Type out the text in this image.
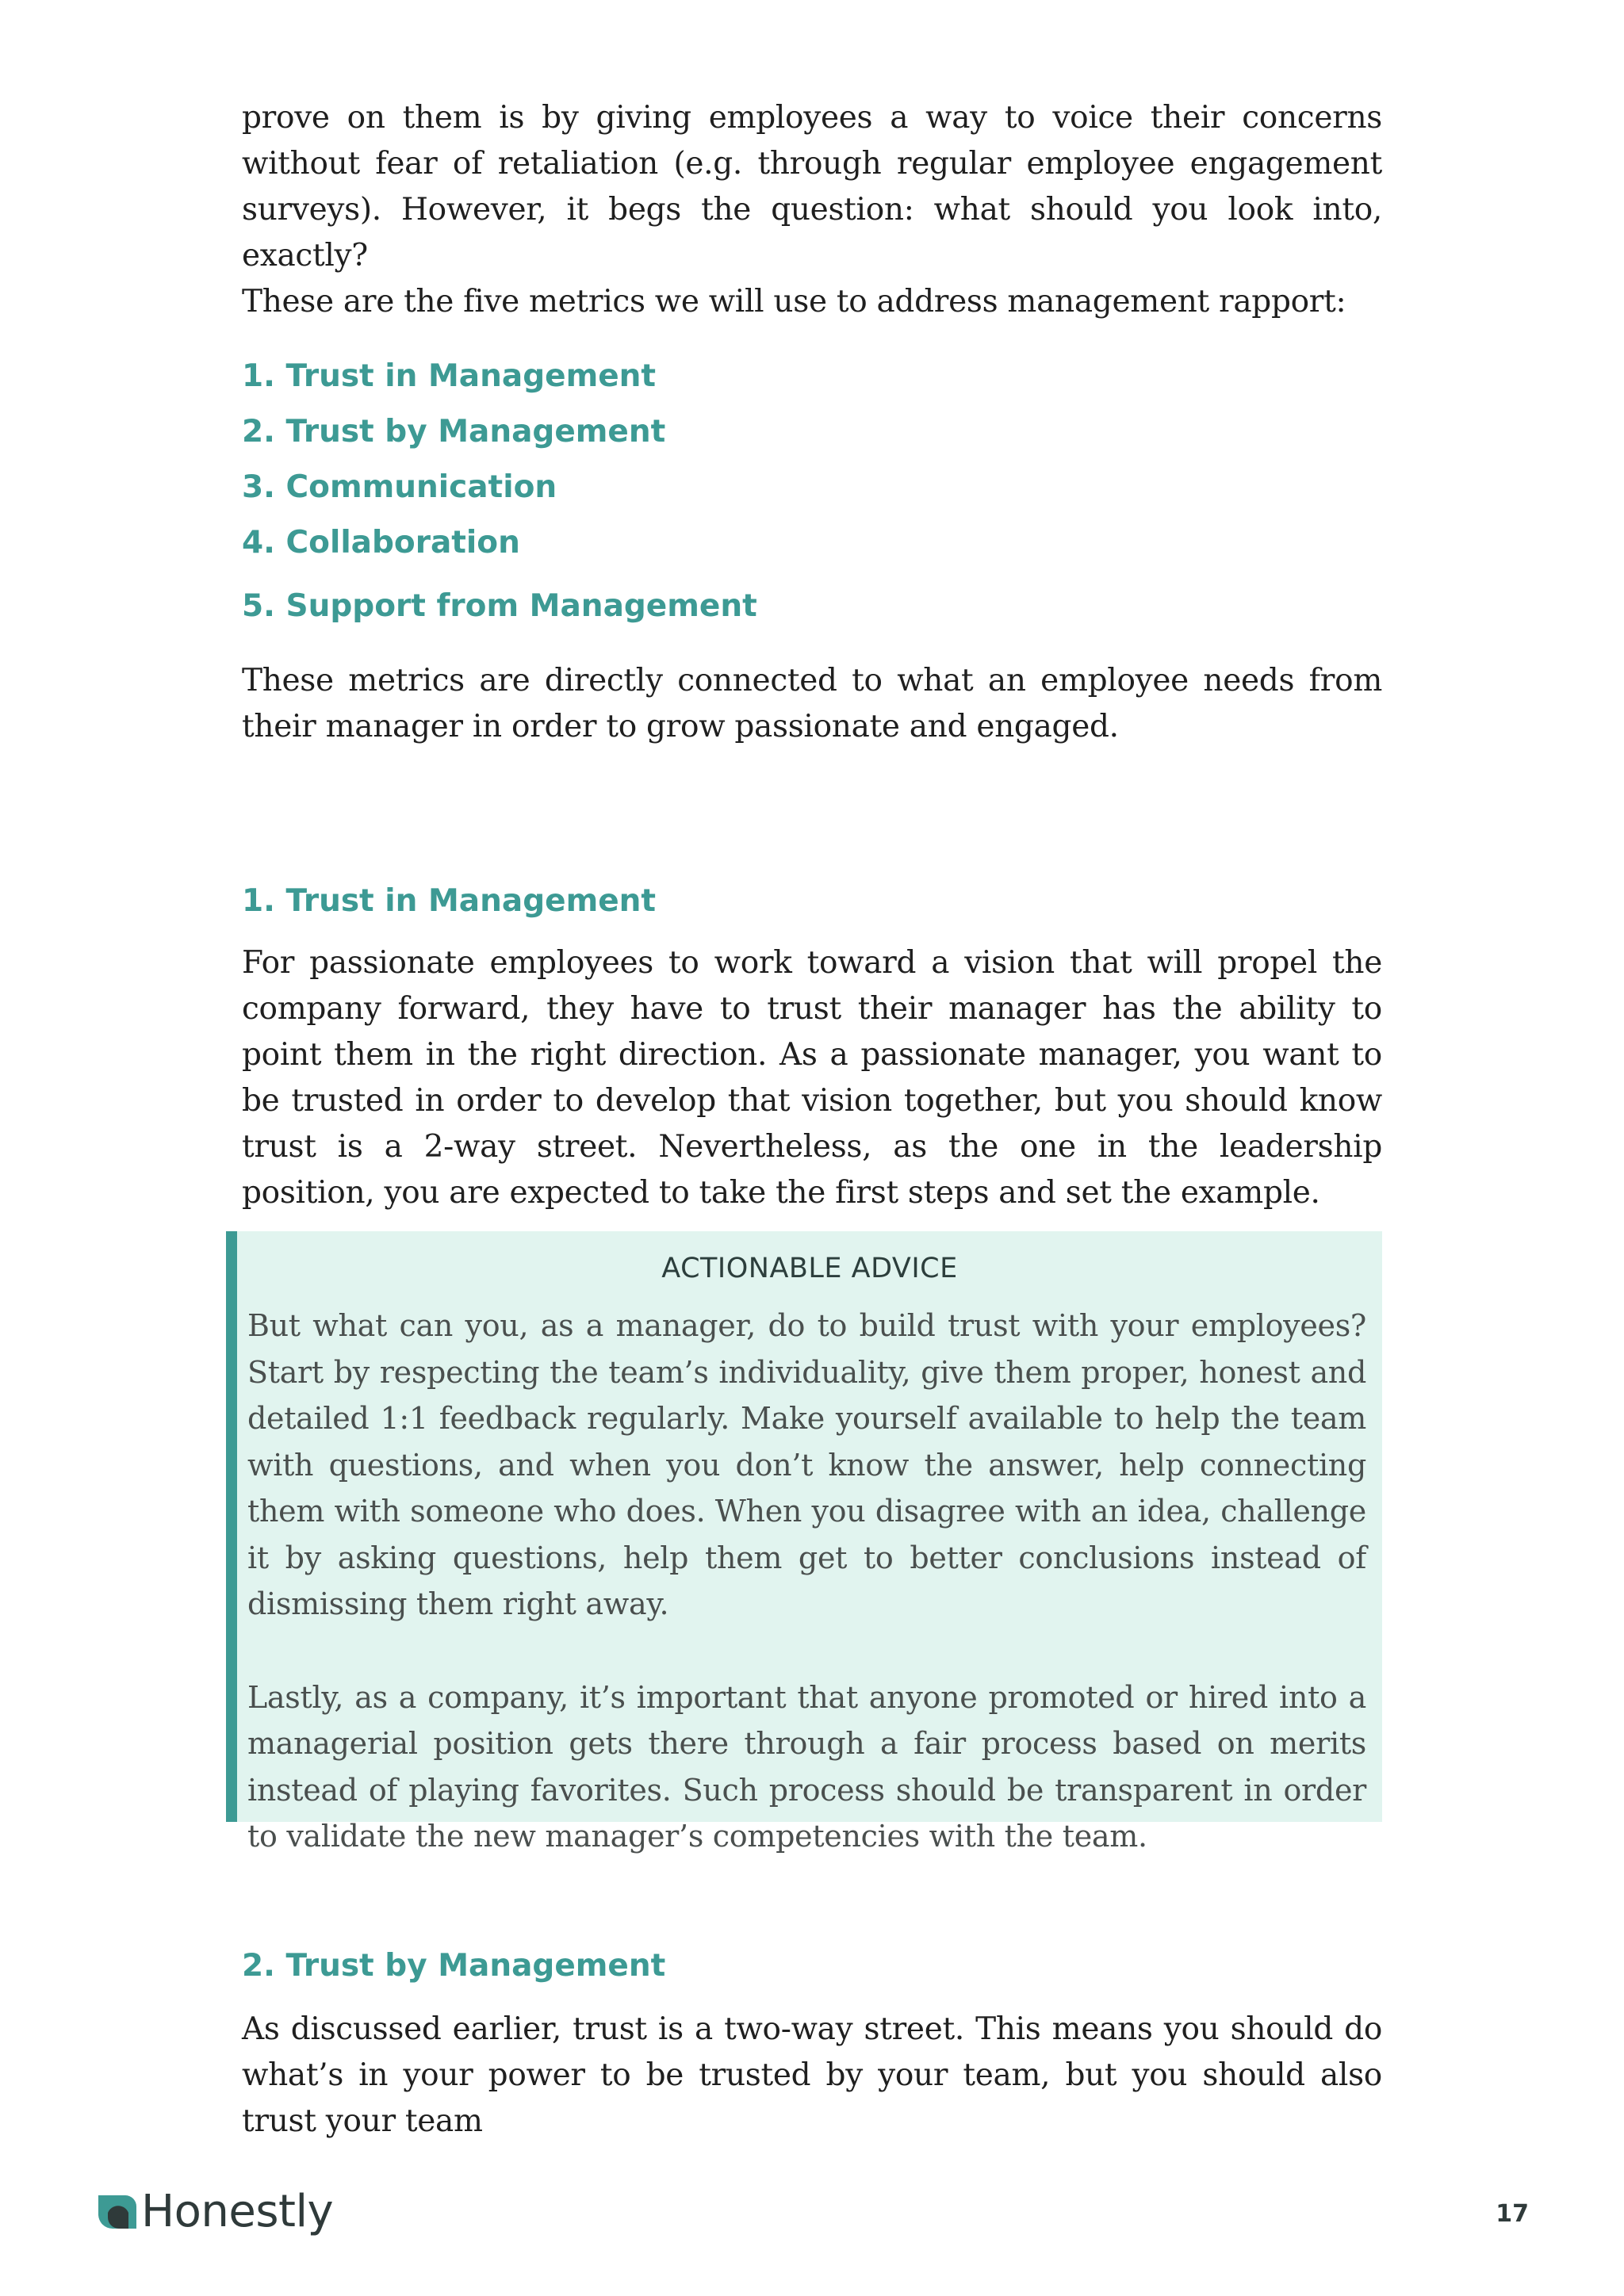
prove on them is by giving employees a way to voice their concerns without fear of retaliation (e.g. through regular employee engagement surveys). However, it begs the question: what should you look into, exactly?

These are the five metrics we will use to address management rapport:

1. Trust in Management
2. Trust by Management
3. Communication
4. Collaboration
5. Support from Management

These metrics are directly connected to what an employee needs from their manager in order to grow passionate and engaged.

1. Trust in Management

For passionate employees to work toward a vision that will propel the company forward, they have to trust their manager has the ability to point them in the right direction. As a passionate manager, you want to be trusted in order to develop that vision together, but you should know trust is a 2-way street. Nevertheless, as the one in the leadership position, you are expected to take the first steps and set the example.

ACTIONABLE ADVICE

But what can you, as a manager, do to build trust with your employees? Start by respecting the team’s individuality, give them proper, honest and detailed 1:1 feedback regularly. Make yourself available to help the team with questions, and when you don’t know the answer, help connecting them with someone who does. When you disagree with an idea, challenge it by asking questions, help them get to better conclusions instead of dismissing them right away.

Lastly, as a company, it’s important that anyone promoted or hired into a managerial position gets there through a fair process based on merits instead of playing favorites. Such process should be transparent in order to validate the new manager’s competencies with the team.

2. Trust by Management

As discussed earlier, trust is a two-way street. This means you should do what’s in your power to be trusted by your team, but you should also trust your team

Honestly	17
